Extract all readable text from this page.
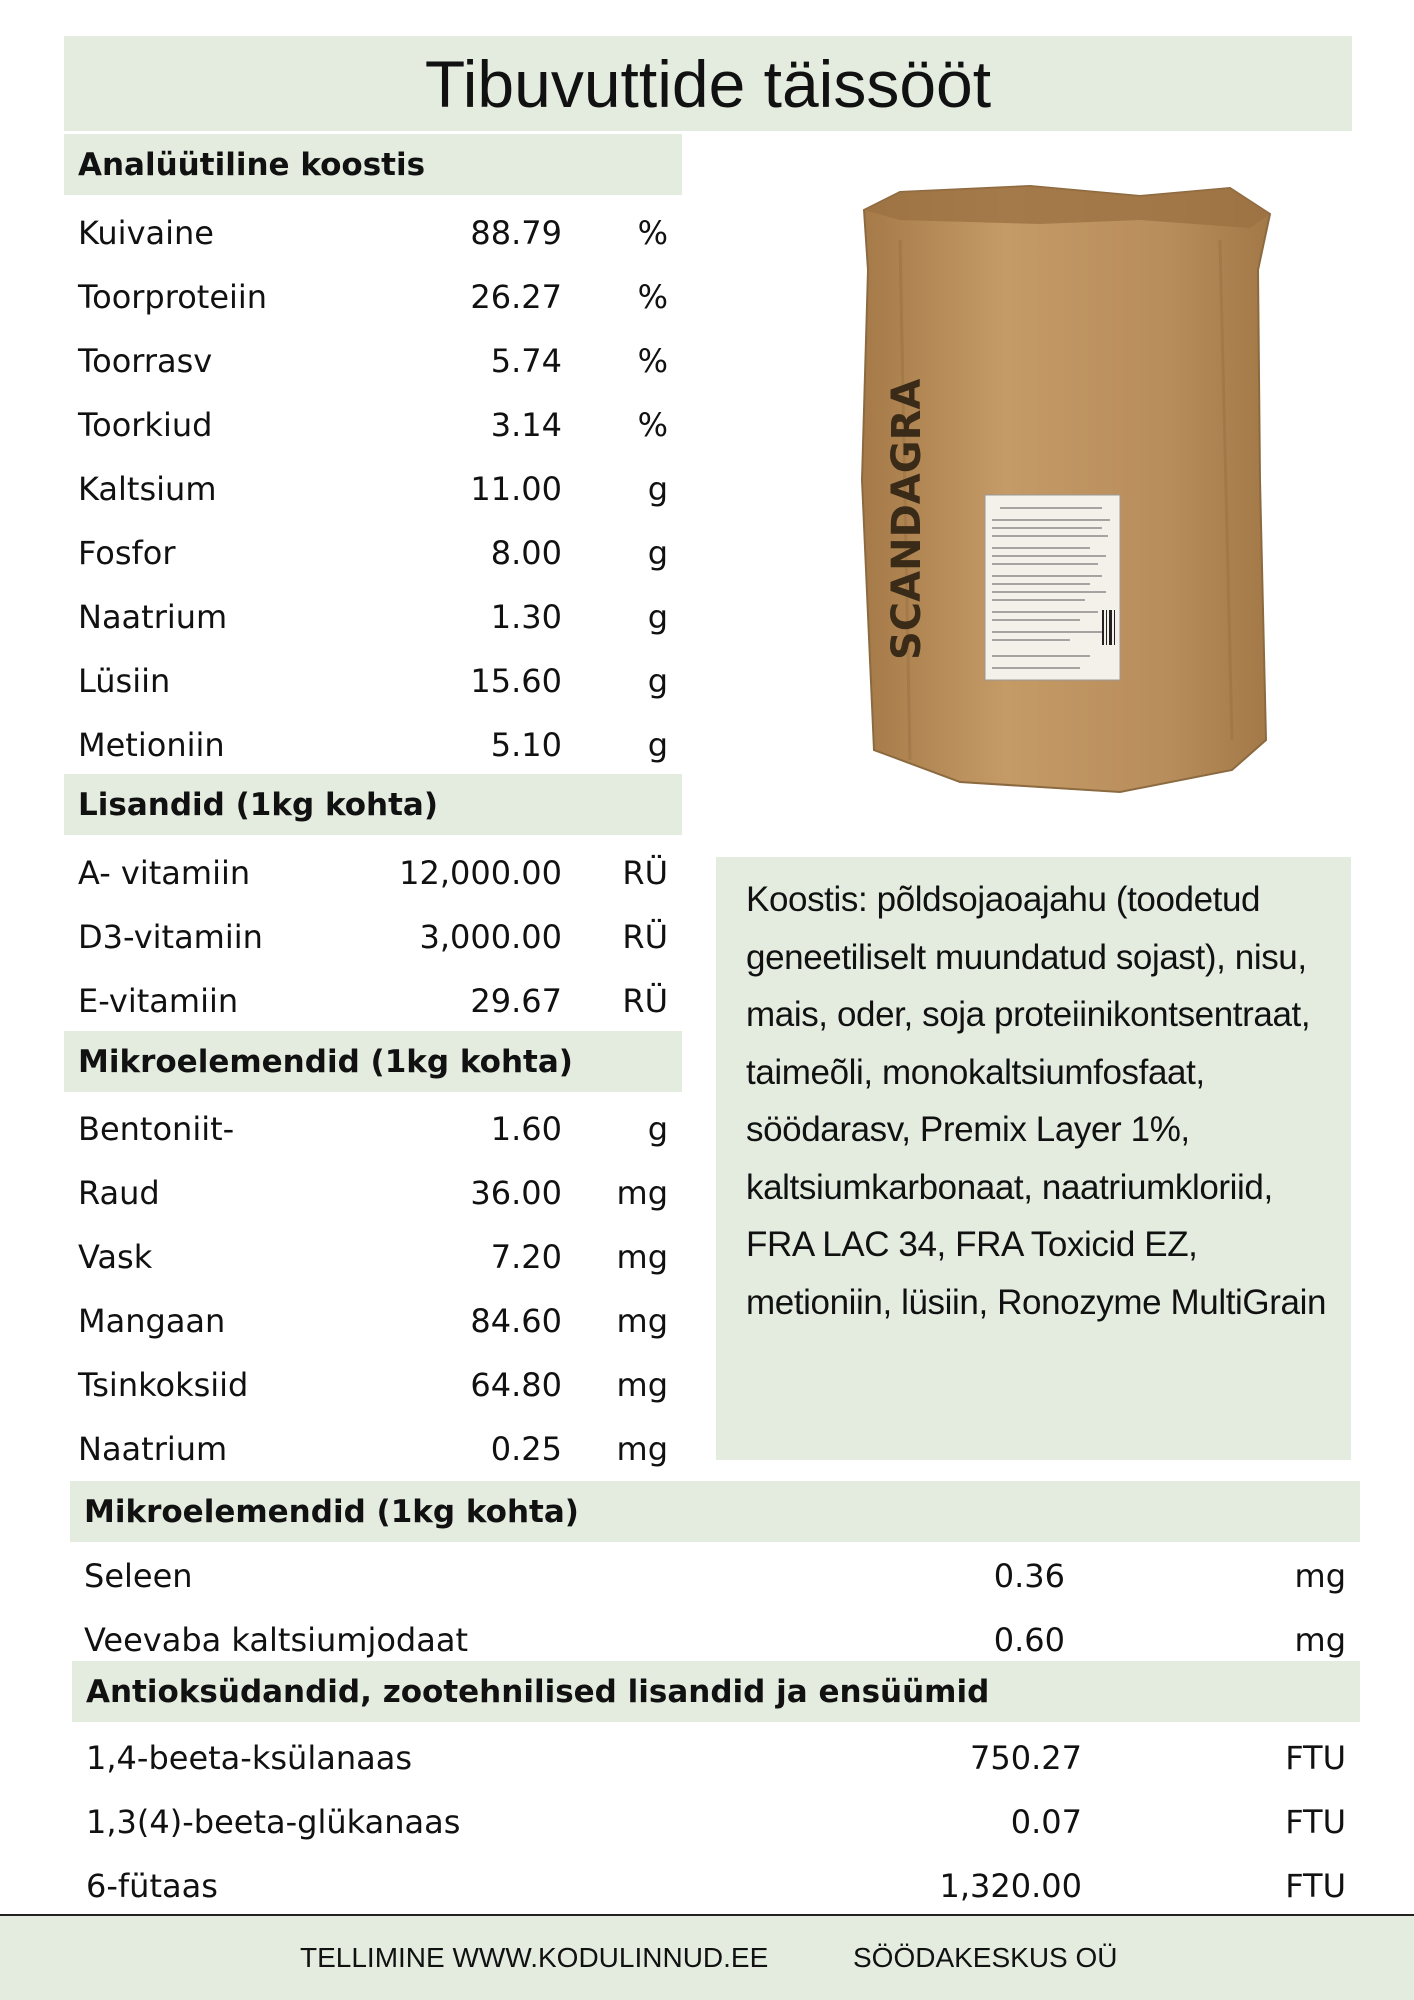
Tibuvuttide täissööt
Analüütiline koostis
Kuivaine	88.79 %
Toorproteiin	26.27 %
Toorrasv	5.74 %
Toorkiud	3.14 %
Kaltsium	11.00	g
Fosfor	8.00	g
Naatrium	1.30	g
Lüsiin	15.60	g
Metioniin	5.10	g
Lisandid (1kg kohta)
A- vitamiin	12,000.00 RÜ
D3-vitamiin	3,000.00 RÜ
E-vitamiin	29.67 RÜ
Mikroelemendid (1kg kohta)
Bentoniit-	1.60	g
Raud	36.00 mg
Vask	7.20 mg
Mangaan	84.60 mg
Tsinkoksiid	64.80 mg
Naatrium	0.25 mg
SCANDAGRA
Koostis: põldsojaoajahu (toodetud geneetiliselt muundatud sojast), nisu, mais, oder, soja proteiinikontsentraat, taimeõli, monokaltsiumfosfaat, söödarasv, Premix Layer 1%, kaltsiumkarbonaat, naatriumkloriid, FRA LAC 34, FRA Toxicid EZ, metioniin, lüsiin, Ronozyme MultiGrain
Mikroelemendid (1kg kohta)
Seleen	0.36	mg
Veevaba kaltsiumjodaat	0.60	mg
Antioksüdandid, zootehnilised lisandid ja ensüümid
1,4-beeta-ksülanaas	750.27	FTU
1,3(4)-beeta-glükanaas	0.07	FTU
6-fütaas	1,320.00	FTU
TELLIMINE WWW.KODULINNUD.EE	SÖÖDAKESKUS OÜ
